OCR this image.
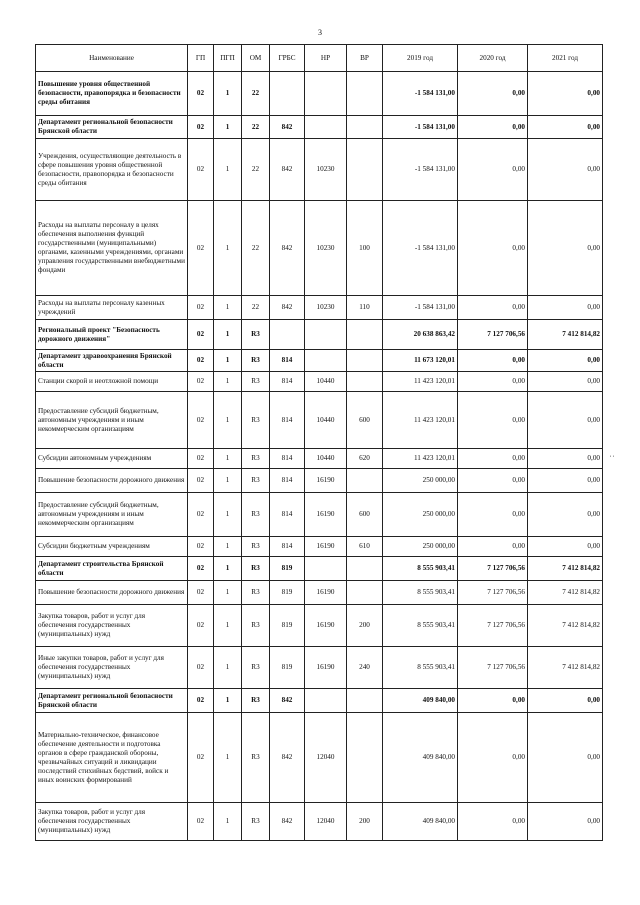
3
Наименование	ГП	ПГП	ОМ	ГРБС	НР	ВР	2019 год	2020 год	2021 год
Повышение уровня общественной безопасности, правопорядка и безопасности среды обитания	02	1	22				-1 584 131,00	0,00	0,00
Департамент региональной безопасности Брянской области	02	1	22	842			-1 584 131,00	0,00	0,00
Учреждения, осуществляющие деятельность в сфере повышения уровня общественной безопасности, правопорядка и безопасности среды обитания	02	1	22	842	10230		-1 584 131,00	0,00	0,00
Расходы на выплаты персоналу в целях обеспечения выполнения функций государственными (муниципальными) органами, казенными учреждениями, органами управления государственными внебюджетными фондами	02	1	22	842	10230	100	-1 584 131,00	0,00	0,00
Расходы на выплаты персоналу казенных учреждений	02	1	22	842	10230	110	-1 584 131,00	0,00	0,00
Региональный проект "Безопасность дорожного движения"	02	1	R3				20 638 863,42	7 127 706,56	7 412 814,82
Департамент здравоохранения Брянской области	02	1	R3	814			11 673 120,01	0,00	0,00
Станции скорой и неотложной помощи	02	1	R3	814	10440		11 423 120,01	0,00	0,00
Предоставление субсидий бюджетным, автономным учреждениям и иным некоммерческим организациям	02	1	R3	814	10440	600	11 423 120,01	0,00	0,00
Субсидии автономным учреждениям	02	1	R3	814	10440	620	11 423 120,01	0,00	0,00
Повышение безопасности дорожного движения	02	1	R3	814	16190		250 000,00	0,00	0,00
Предоставление субсидий бюджетным, автономным учреждениям и иным некоммерческим организациям	02	1	R3	814	16190	600	250 000,00	0,00	0,00
Субсидии бюджетным учреждениям	02	1	R3	814	16190	610	250 000,00	0,00	0,00
Департамент строительства Брянской области	02	1	R3	819			8 555 903,41	7 127 706,56	7 412 814,82
Повышение безопасности дорожного движения	02	1	R3	819	16190		8 555 903,41	7 127 706,56	7 412 814,82
Закупка товаров, работ и услуг для обеспечения государственных (муниципальных) нужд	02	1	R3	819	16190	200	8 555 903,41	7 127 706,56	7 412 814,82
Иные закупки товаров, работ и услуг для обеспечения государственных (муниципальных) нужд	02	1	R3	819	16190	240	8 555 903,41	7 127 706,56	7 412 814,82
Департамент региональной безопасности Брянской области	02	1	R3	842			409 840,00	0,00	0,00
Материально-техническое, финансовое обеспечение деятельности и подготовка органов в сфере гражданской обороны, чрезвычайных ситуаций и ликвидации последствий стихийных бедствий, войск и иных воинских формирований	02	1	R3	842	12040		409 840,00	0,00	0,00
Закупка товаров, работ и услуг для обеспечения государственных (муниципальных) нужд	02	1	R3	842	12040	200	409 840,00	0,00	0,00
:
